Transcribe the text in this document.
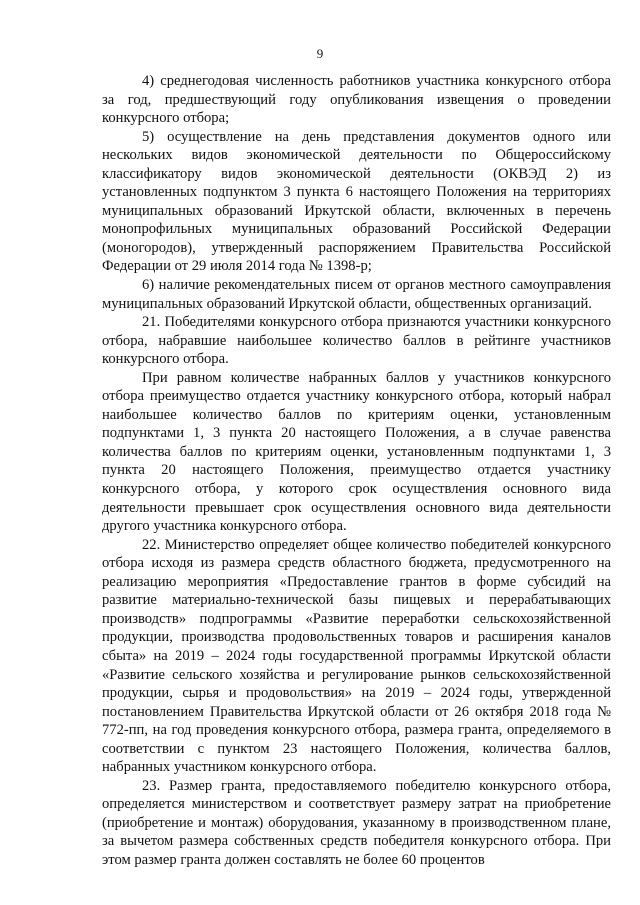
9

4) среднегодовая численность работников участника конкурсного отбора за год, предшествующий году опубликования извещения о проведении конкурсного отбора;

5) осуществление на день представления документов одного или нескольких видов экономической деятельности по Общероссийскому классификатору видов экономической деятельности (ОКВЭД 2) из установленных подпунктом 3 пункта 6 настоящего Положения на территориях муниципальных образований Иркутской области, включенных в перечень монопрофильных муниципальных образований Российской Федерации (моногородов), утвержденный распоряжением Правительства Российской Федерации от 29 июля 2014 года № 1398-р;

6) наличие рекомендательных писем от органов местного самоуправления муниципальных образований Иркутской области, общественных организаций.

21. Победителями конкурсного отбора признаются участники конкурсного отбора, набравшие наибольшее количество баллов в рейтинге участников конкурсного отбора.

При равном количестве набранных баллов у участников конкурсного отбора преимущество отдается участнику конкурсного отбора, который набрал наибольшее количество баллов по критериям оценки, установленным подпунктами 1, 3 пункта 20 настоящего Положения, а в случае равенства количества баллов по критериям оценки, установленным подпунктами 1, 3 пункта 20 настоящего Положения, преимущество отдается участнику конкурсного отбора, у которого срок осуществления основного вида деятельности превышает срок осуществления основного вида деятельности другого участника конкурсного отбора.

22. Министерство определяет общее количество победителей конкурсного отбора исходя из размера средств областного бюджета, предусмотренного на реализацию мероприятия «Предоставление грантов в форме субсидий на развитие материально-технической базы пищевых и перерабатывающих производств» подпрограммы «Развитие переработки сельскохозяйственной продукции, производства продовольственных товаров и расширения каналов сбыта» на 2019 – 2024 годы государственной программы Иркутской области «Развитие сельского хозяйства и регулирование рынков сельскохозяйственной продукции, сырья и продовольствия» на 2019 – 2024 годы, утвержденной постановлением Правительства Иркутской области от 26 октября 2018 года № 772-пп, на год проведения конкурсного отбора, размера гранта, определяемого в соответствии с пунктом 23 настоящего Положения, количества баллов, набранных участником конкурсного отбора.

23. Размер гранта, предоставляемого победителю конкурсного отбора, определяется министерством и соответствует размеру затрат на приобретение (приобретение и монтаж) оборудования, указанному в производственном плане, за вычетом размера собственных средств победителя конкурсного отбора. При этом размер гранта должен составлять не более 60 процентов
